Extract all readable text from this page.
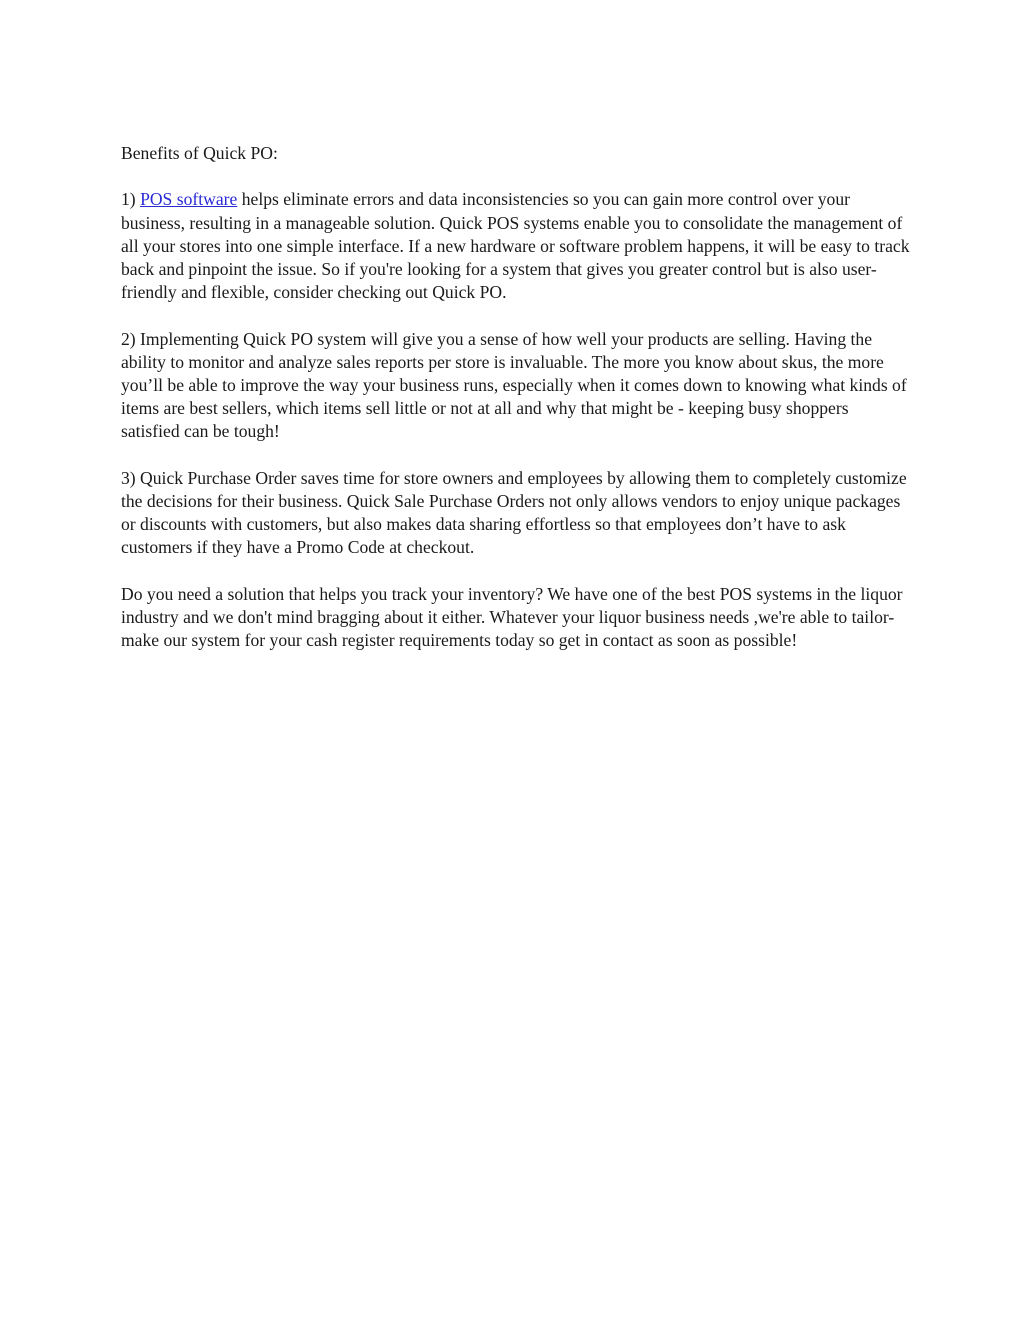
Benefits of Quick PO:

1) POS software helps eliminate errors and data inconsistencies so you can gain more control over your business, resulting in a manageable solution. Quick POS systems enable you to consolidate the management of all your stores into one simple interface. If a new hardware or software problem happens, it will be easy to track back and pinpoint the issue. So if you're looking for a system that gives you greater control but is also user-friendly and flexible, consider checking out Quick PO.

2) Implementing Quick PO system will give you a sense of how well your products are selling. Having the ability to monitor and analyze sales reports per store is invaluable. The more you know about skus, the more you’ll be able to improve the way your business runs, especially when it comes down to knowing what kinds of items are best sellers, which items sell little or not at all and why that might be - keeping busy shoppers satisfied can be tough!

3) Quick Purchase Order saves time for store owners and employees by allowing them to completely customize the decisions for their business. Quick Sale Purchase Orders not only allows vendors to enjoy unique packages or discounts with customers, but also makes data sharing effortless so that employees don’t have to ask customers if they have a Promo Code at checkout.

Do you need a solution that helps you track your inventory? We have one of the best POS systems in the liquor industry and we don't mind bragging about it either. Whatever your liquor business needs ,we're able to tailor-make our system for your cash register requirements today so get in contact as soon as possible!
